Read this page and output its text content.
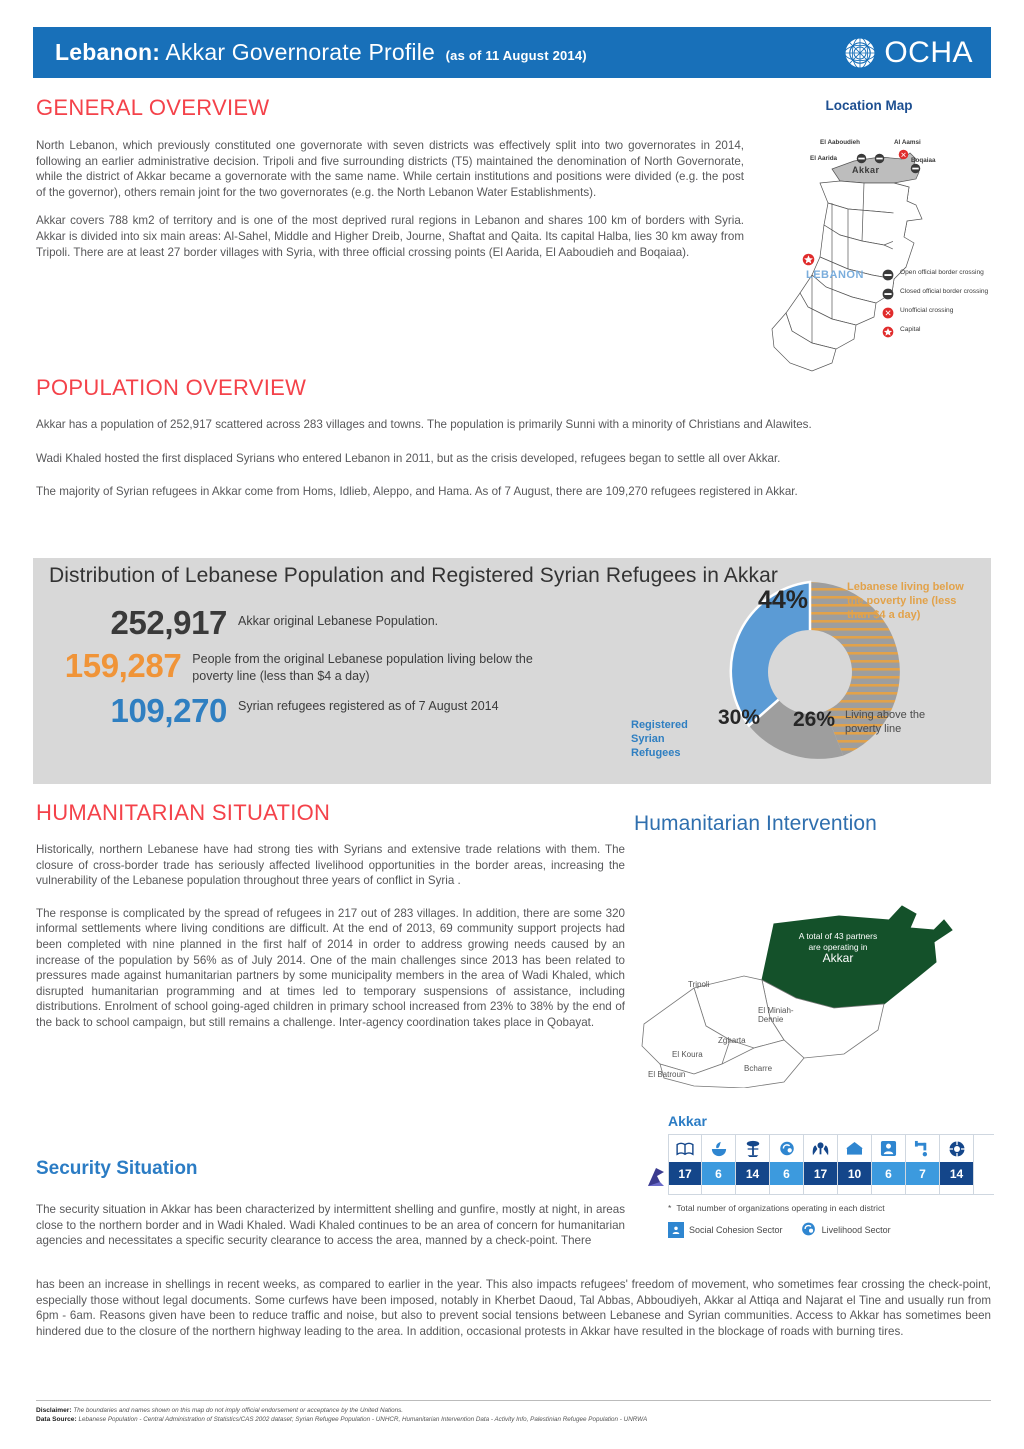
Lebanon: Akkar Governorate Profile (as of 11 August 2014)	OCHA
GENERAL OVERVIEW

North Lebanon, which previously constituted one governorate with seven districts was effectively split into two governorates in 2014, following an earlier administrative decision. Tripoli and five surrounding districts (T5) maintained the denomination of North Governorate, while the district of Akkar became a governorate with the same name. While certain institutions and positions were divided (e.g. the post of the governor), others remain joint for the two governorates (e.g. the North Lebanon Water Establishments).

Akkar covers 788 km2 of territory and is one of the most deprived rural regions in Lebanon and shares 100 km of borders with Syria. Akkar is divided into six main areas: Al-Sahel, Middle and Higher Dreib, Journe, Shaftat and Qaita. Its capital Halba, lies 30 km away from Tripoli. There are at least 27 border villages with Syria, with three official crossing points (El Aarida, El Aaboudieh and Boqaiaa).

Location Map
El Aaboudieh
El Aarida
Al Aamsi
Boqaiaa
Akkar
LEBANON
✕
Open official border crossing
Closed official border crossing
✕ Unofficial crossing
Capital
POPULATION OVERVIEW

Akkar has a population of 252,917 scattered across 283 villages and towns. The population is primarily Sunni with a minority of Christians and Alawites.

Wadi Khaled hosted the first displaced Syrians who entered Lebanon in 2011, but as the crisis developed, refugees began to settle all over Akkar.

The majority of Syrian refugees in Akkar come from Homs, Idlieb, Aleppo, and Hama. As of 7 August, there are 109,270 refugees registered in Akkar.

Distribution of Lebanese Population and Registered Syrian Refugees in Akkar
252,917 Akkar original Lebanese Population.
159,287 People from the original Lebanese population living below the poverty line (less than $4 a day)
109,270 Syrian refugees registered as of 7 August 2014
44%
26%
30%
Lebanese living below the poverty line (less than $4 a day)
Living above the poverty line
Registered Syrian Refugees
HUMANITARIAN SITUATION

Historically, northern Lebanese have had strong ties with Syrians and extensive trade relations with them. The closure of cross-border trade has seriously affected livelihood opportunities in the border areas, increasing the vulnerability of the Lebanese population throughout three years of conflict in Syria .

The response is complicated by the spread of refugees in 217 out of 283 villages. In addition, there are some 320 informal settlements where living conditions are difficult. At the end of 2013, 69 community support projects had been completed with nine planned in the first half of 2014 in order to address growing needs caused by an increase of the population by 56% as of July 2014. One of the main challenges since 2013 has been related to pressures made against humanitarian partners by some municipality members in the area of Wadi Khaled, which disrupted humanitarian programming and at times led to temporary suspensions of assistance, including distributions. Enrolment of school going-aged children in primary school increased from 23% to 38% by the end of the back to school campaign, but still remains a challenge. Inter-agency coordination takes place in Qobayat.

Security Situation

The security situation in Akkar has been characterized by intermittent shelling and gunfire, mostly at night, in areas close to the northern border and in Wadi Khaled. Wadi Khaled continues to be an area of concern for humanitarian agencies and necessitates a specific security clearance to access the area, manned by a check-point. There

has been an increase in shellings in recent weeks, as compared to earlier in the year. This also impacts refugees' freedom of movement, who sometimes fear crossing the check-point, especially those without legal documents. Some curfews have been imposed, notably in Kherbet Daoud, Tal Abbas, Abboudiyeh, Akkar al Attiqa and Najarat el Tine and usually run from 6pm - 6am. Reasons given have been to reduce traffic and noise, but also to prevent social tensions between Lebanese and Syrian communities. Access to Akkar has sometimes been hindered due to the closure of the northern highway leading to the area. In addition, occasional protests in Akkar have resulted in the blockage of roads with burning tires.

Humanitarian Intervention
A total of 43 partners
are operating in
Akkar
Tripoli
El Miniah-Dennie
Zgharta
El Koura
El Batroun
Bcharre
Akkar
17	6	14	6	17	10	6	7	14
* Total number of organizations operating in each district
Social Cohesion Sector	Livelihood Sector
Disclaimer: The boundaries and names shown on this map do not imply official endorsement or acceptance by the United Nations.
Data Source: Lebanese Population - Central Administration of Statistics/CAS 2002 dataset; Syrian Refugee Population - UNHCR, Humanitarian Intervention Data - Activity Info, Palestinian Refugee Population - UNRWA
